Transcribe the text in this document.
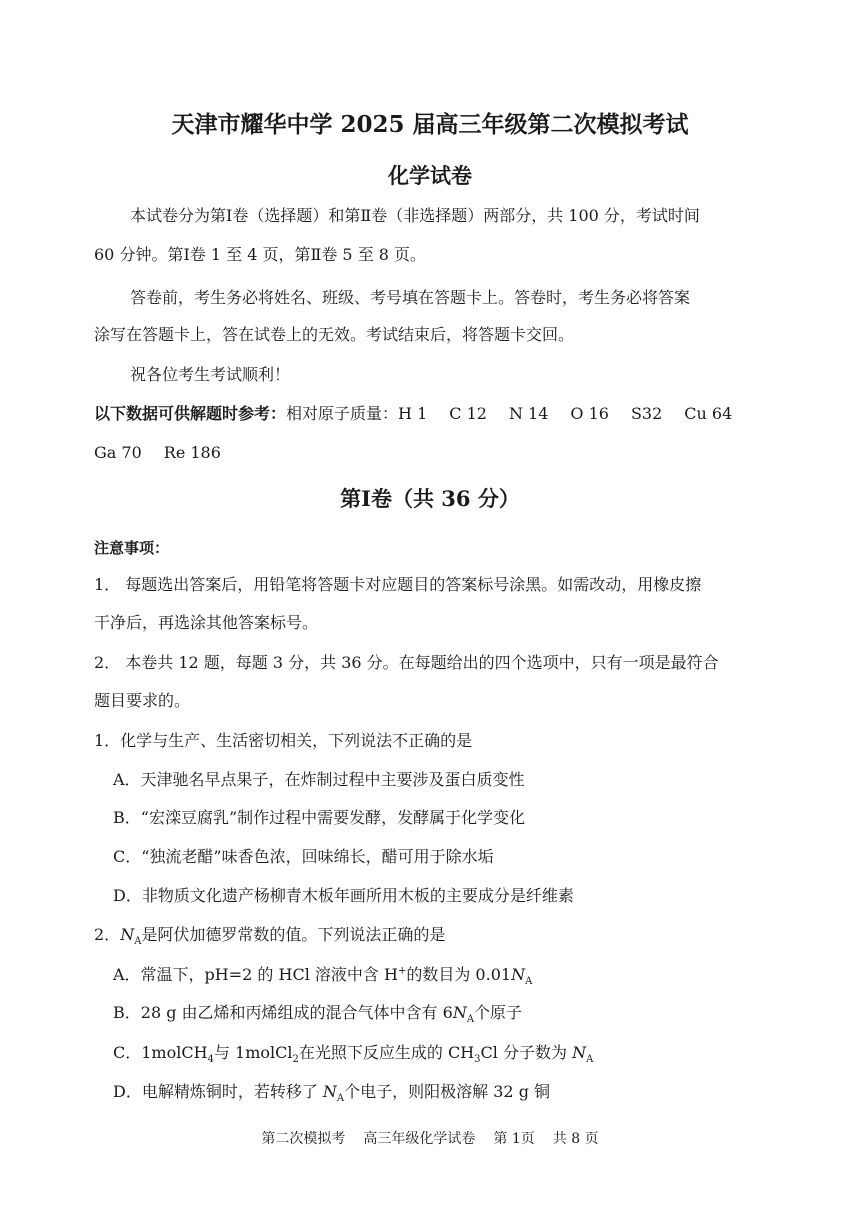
天津市耀华中学 2025 届高三年级第二次模拟考试
化学试卷
本试卷分为第Ⅰ卷（选择题）和第Ⅱ卷（非选择题）两部分，共 100 分，考试时间
60 分钟。第Ⅰ卷 1 至 4 页，第Ⅱ卷 5 至 8 页。
答卷前，考生务必将姓名、班级、考号填在答题卡上。答卷时，考生务必将答案
涂写在答题卡上，答在试卷上的无效。考试结束后，将答题卡交回。
祝各位考生考试顺利！
以下数据可供解题时参考：相对原子质量：H 1 C 12 N 14 O 16 S32 Cu 64
Ga 70 Re 186
第Ⅰ卷（共 36 分）
注意事项：
1． 每题选出答案后，用铅笔将答题卡对应题目的答案标号涂黑。如需改动，用橡皮擦
干净后，再选涂其他答案标号。
2． 本卷共 12 题，每题 3 分，共 36 分。在每题给出的四个选项中，只有一项是最符合
题目要求的。
1．化学与生产、生活密切相关，下列说法不正确的是
A．天津驰名早点果子，在炸制过程中主要涉及蛋白质变性
B．“宏滦豆腐乳”制作过程中需要发酵，发酵属于化学变化
C．“独流老醋”味香色浓，回味绵长，醋可用于除水垢
D．非物质文化遗产杨柳青木板年画所用木板的主要成分是纤维素
2．$N_A$是阿伏加德罗常数的值。下列说法正确的是
A．常温下，pH=2 的 HCl 溶液中含 H+的数目为 $0.01N_A$
B．28 g 由乙烯和丙烯组成的混合气体中含有 $6N_A$个原子
C．1molCH$_4$与 1molCl$_2$在光照下反应生成的 $CH_3Cl$ 分子数为 $N_A$
D．电解精炼铜时，若转移了 $N_A$个电子，则阳极溶解 32 g 铜
第二次模拟考 高三年级化学试卷 第 1页 共 8 页
